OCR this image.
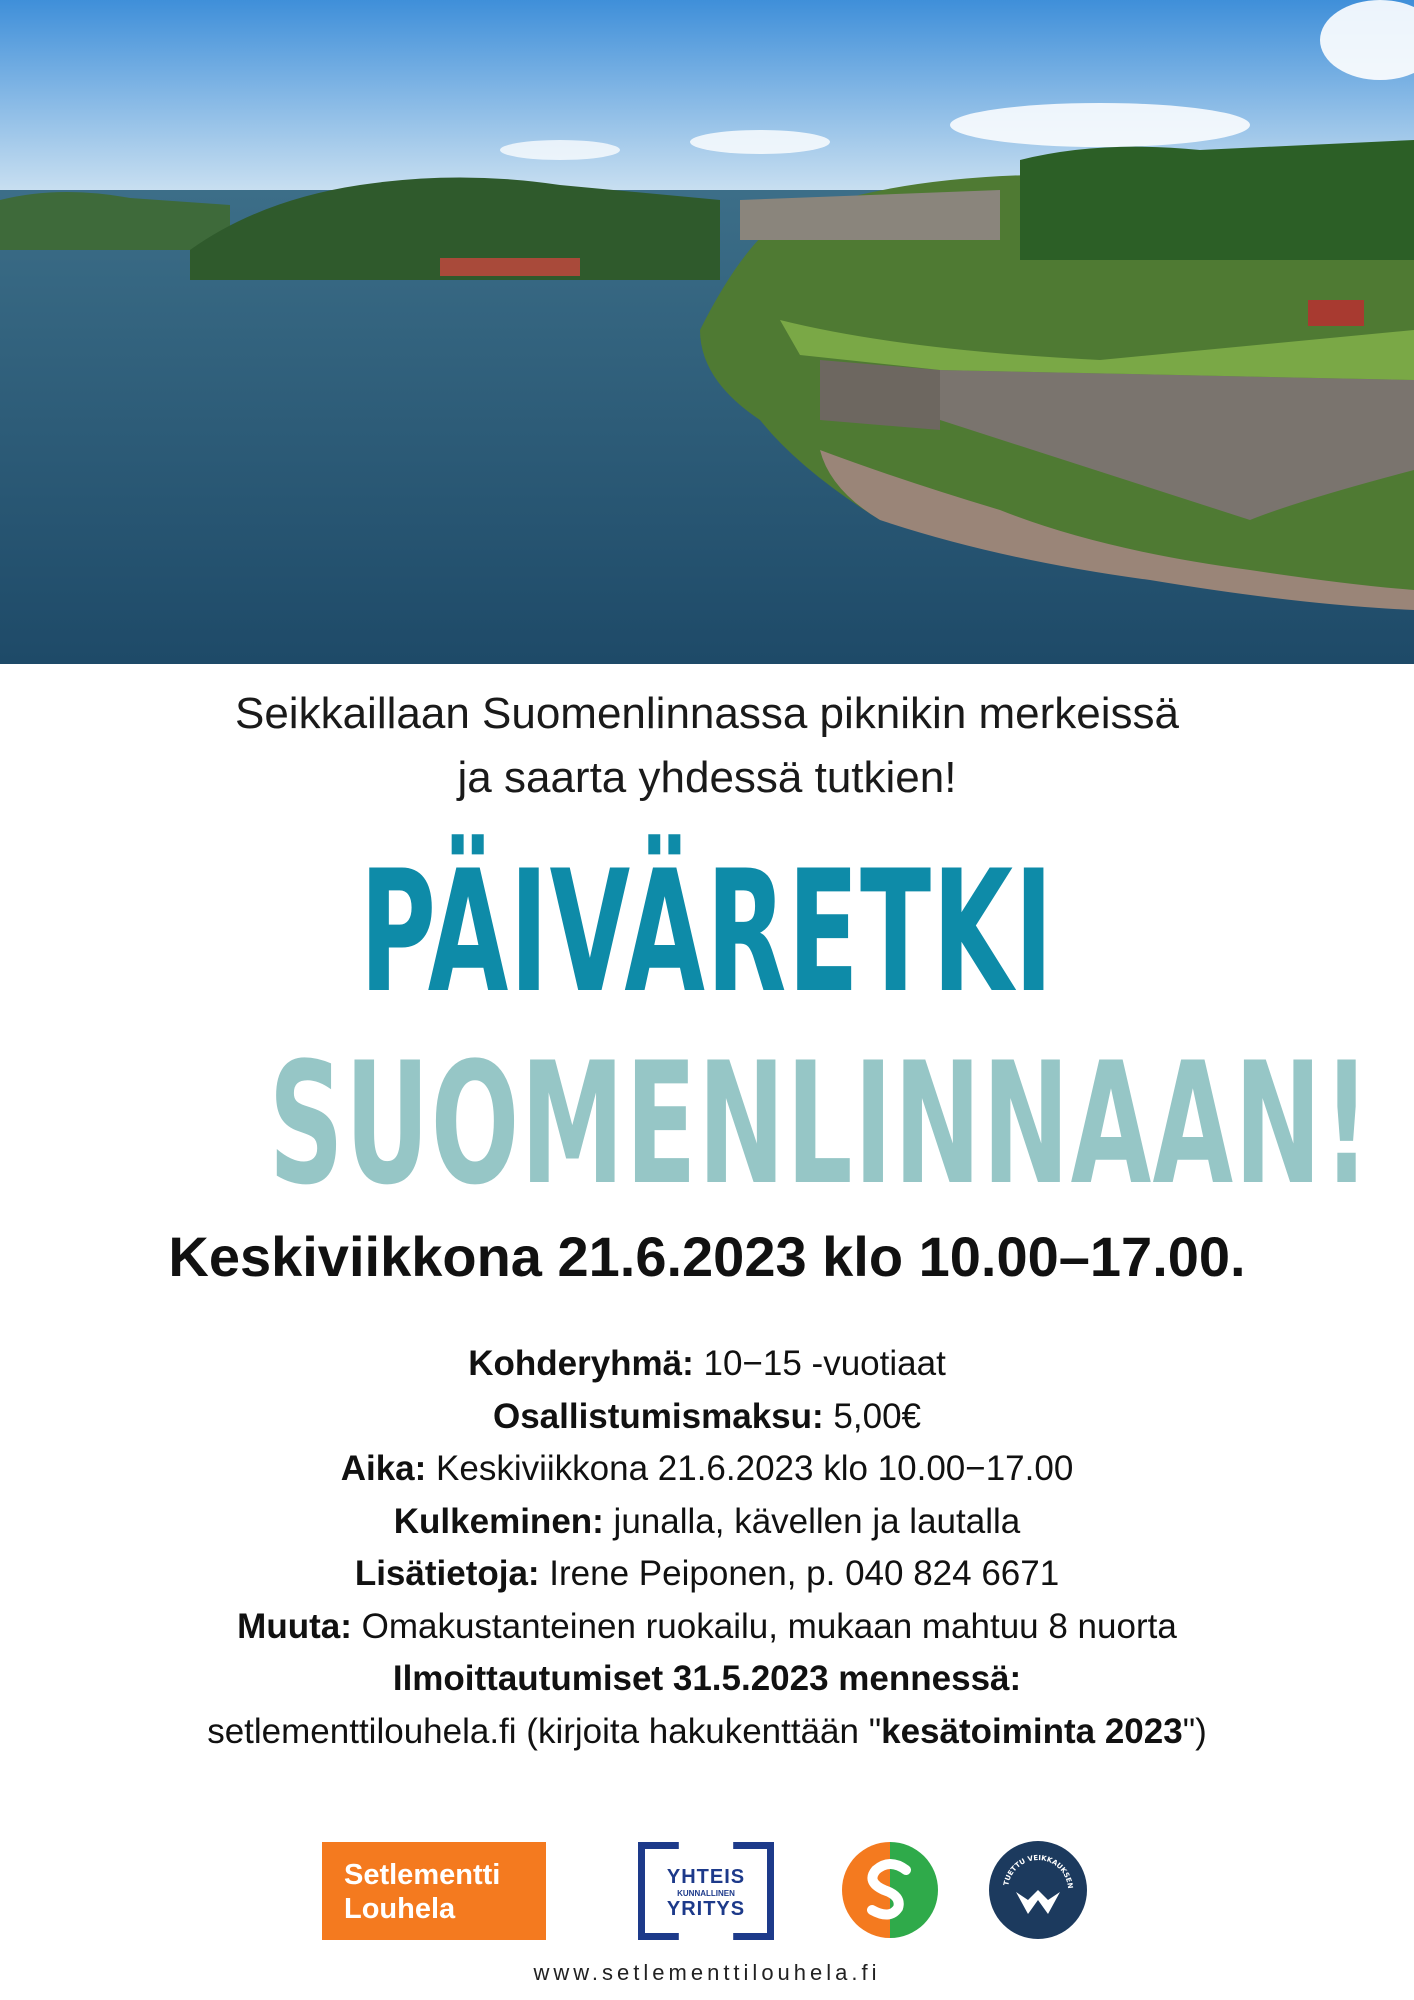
Seikkaillaan Suomenlinnassa piknikin merkeissä
ja saarta yhdessä tutkien!
PÄIVÄRETKI
SUOMENLINNAAN!
Keskiviikkona 21.6.2023 klo 10.00–17.00.
Kohderyhmä: 10−15 -vuotiaat
Osallistumismaksu: 5,00€
Aika: Keskiviikkona 21.6.2023 klo 10.00−17.00
Kulkeminen: junalla, kävellen ja lautalla
Lisätietoja: Irene Peiponen, p. 040 824 6671
Muuta: Omakustanteinen ruokailu, mukaan mahtuu 8 nuorta
Ilmoittautumiset 31.5.2023 mennessä:
setlementtilouhela.fi (kirjoita hakukenttään "kesätoiminta 2023")
Setlementti
Louhela
YHTEIS
KUNNALLINEN
YRITYS
TUETTU VEIKKAUKSEN
www.setlementtilouhela.fi
